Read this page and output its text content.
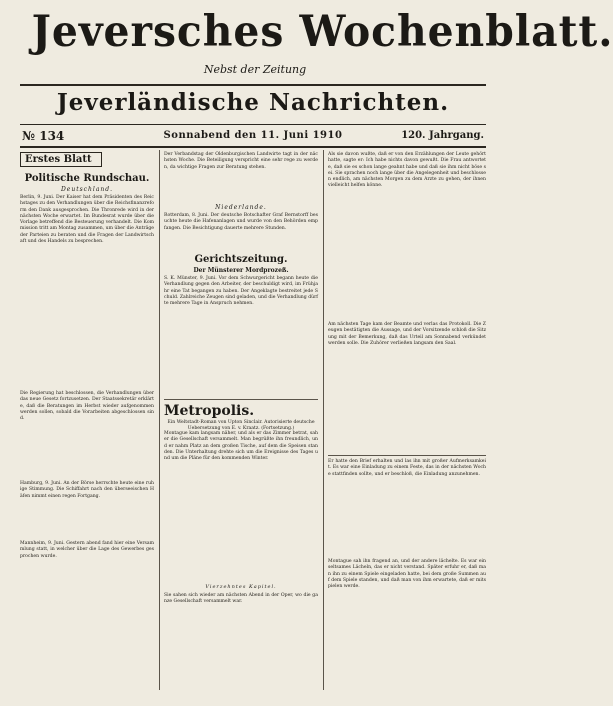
Jeversches Wochenblatt.
Nebst der Zeitung
Jeverländische Nachrichten.
№ 134	Sonnabend den 11. Juni 1910	120. Jahrgang.
Erstes Blatt
Politische Rundschau.
Deutschland.
Berlin, 9. Juni. Der Kaiser hat dem Präsidenten des Reichstages zu den Verhandlungen über die Reichsfinanzreform den Dank ausgesprochen. Die Thronrede wird in der nächsten Woche erwartet. Im Bundesrat wurde über die Vorlage betreffend die Besteuerung verhandelt. Die Kommission tritt am Montag zusammen, um über die Anträge der Parteien zu beraten und die Fragen der Landwirtschaft und des Handels zu besprechen.
Die Regierung hat beschlossen, die Verhandlungen über das neue Gesetz fortzusetzen. Der Staatssekretär erklärte, daß die Beratungen im Herbst wieder aufgenommen werden sollen, sobald die Vorarbeiten abgeschlossen sind.
Hamburg, 9. Juni. An der Börse herrschte heute eine ruhige Stimmung. Die Schiffahrt nach den überseeischen Häfen nimmt einen regen Fortgang.
Mannheim, 9. Juni. Gestern abend fand hier eine Versammlung statt, in welcher über die Lage des Gewerbes gesprochen wurde.
Der Verbandstag der Oldenburgischen Landwirte tagt in der nächsten Woche. Die Beteiligung verspricht eine sehr rege zu werden, da wichtige Fragen zur Beratung stehen.
Niederlande.
Rotterdam, 8. Juni. Der deutsche Botschafter Graf Bernstorff besuchte heute die Hafenanlagen und wurde von den Behörden empfangen. Die Besichtigung dauerte mehrere Stunden.
Gerichtszeitung.
Der Münsterer Mordprozeß.
S. K. Münster, 9. Juni. Vor dem Schwurgericht begann heute die Verhandlung gegen den Arbeiter, der beschuldigt wird, im Frühjahr eine Tat begangen zu haben. Der Angeklagte bestreitet jede Schuld. Zahlreiche Zeugen sind geladen, und die Verhandlung dürfte mehrere Tage in Anspruch nehmen.
Metropolis.
Ein Weltstadt-Roman von Upton Sinclair. Autorisierte deutsche Uebersetzung von E. v. Kraatz. (Fortsetzung.)
Montague kam langsam näher, und als er das Zimmer betrat, sah er die Gesellschaft versammelt. Man begrüßte ihn freundlich, und er nahm Platz an dem großen Tische, auf dem die Speisen standen. Die Unterhaltung drehte sich um die Ereignisse des Tages und um die Pläne für den kommenden Winter.
Vierzehntes Kapitel.
Sie sahen sich wieder am nächsten Abend in der Oper, wo die ganze Gesellschaft versammelt war.
Als sie davon wußte, daß er von den Erzählungen der Leute gehört hatte, sagte er: Ich habe nichts davon gewußt. Die Frau antwortete, daß sie es schon lange geahnt habe und daß sie ihm nicht böse sei. Sie sprachen noch lange über die Angelegenheit und beschlossen endlich, am nächsten Morgen zu dem Arzte zu gehen, der ihnen vielleicht helfen könne.
Am nächsten Tage kam der Beamte und verlas das Protokoll. Die Zeugen bestätigten die Aussage, und der Vorsitzende schloß die Sitzung mit der Bemerkung, daß das Urteil am Sonnabend verkündet werden solle. Die Zuhörer verließen langsam den Saal.
Er hatte den Brief erhalten und las ihn mit großer Aufmerksamkeit. Es war eine Einladung zu einem Feste, das in der nächsten Woche stattfinden sollte, und er beschloß, die Einladung anzunehmen.
Montague sah ihn fragend an, und der andere lächelte. Es war ein seltsames Lächeln, das er nicht verstand. Später erfuhr er, daß man ihn zu einem Spiele eingeladen hatte, bei dem große Summen auf dem Spiele standen, und daß man von ihm erwartete, daß er mitspielen werde.
